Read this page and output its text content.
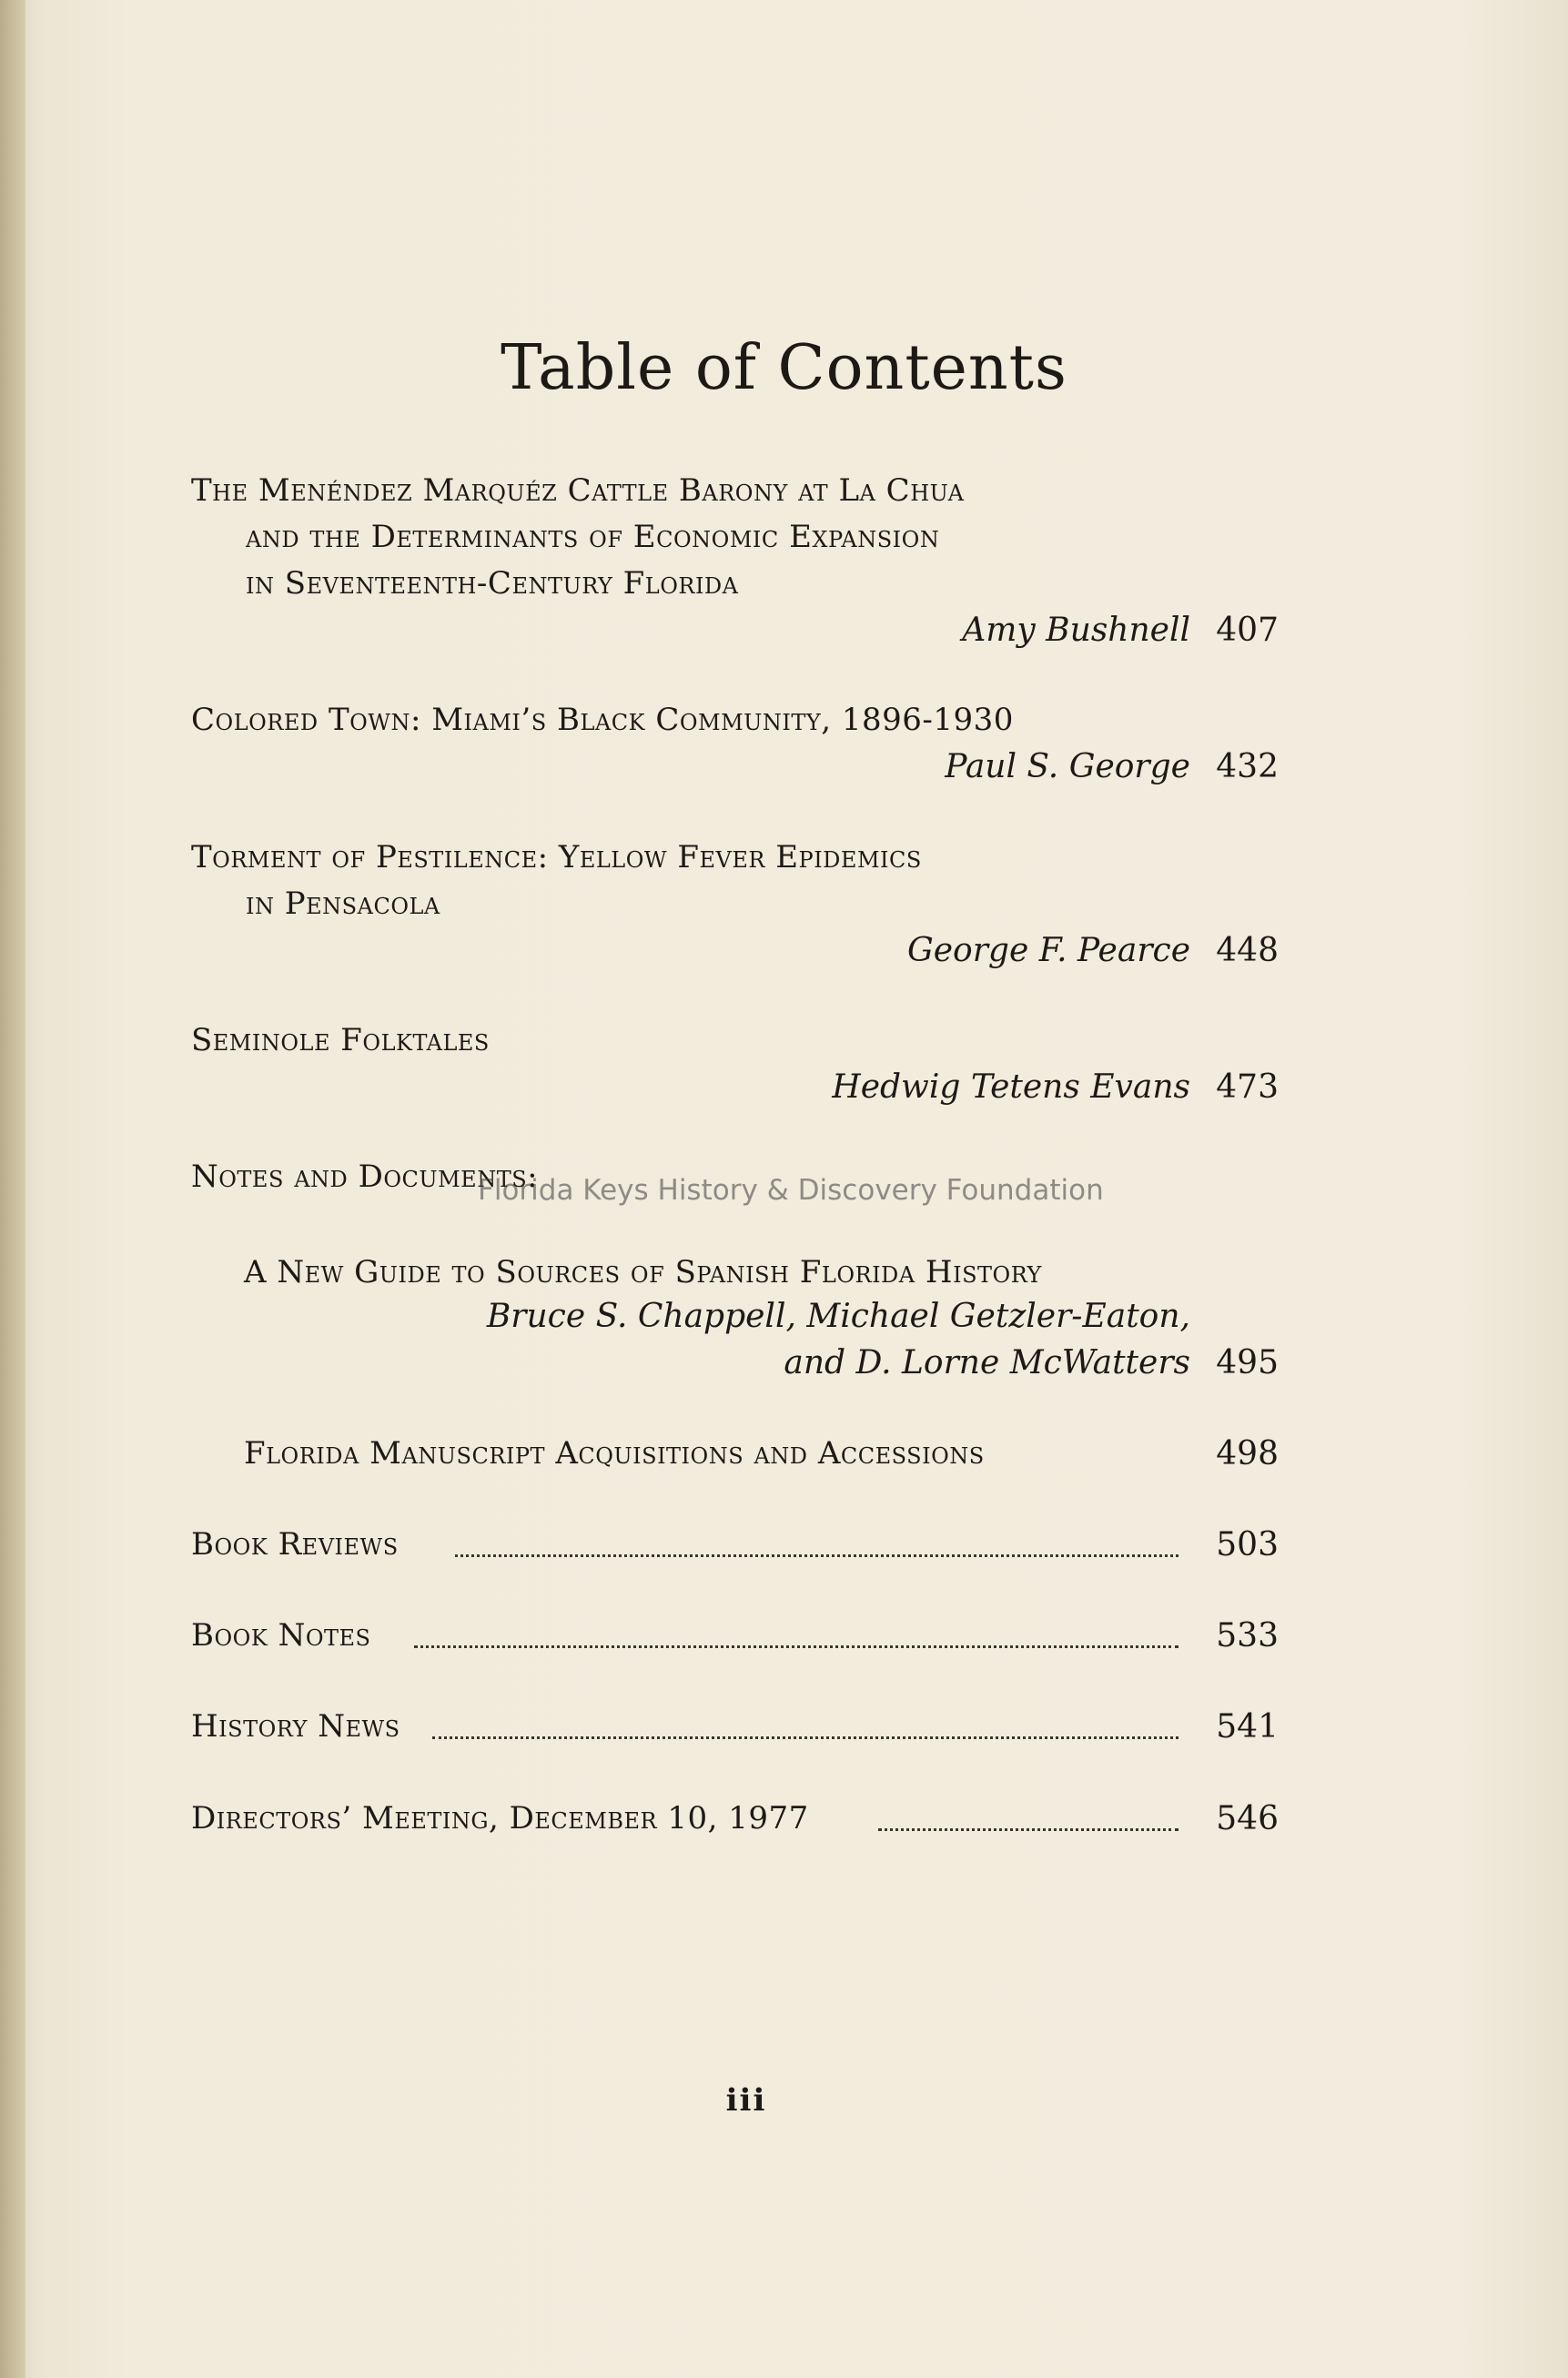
Table of Contents
The Menéndez Marquéz Cattle Barony at La Chua
and the Determinants of Economic Expansion
in Seventeenth-Century Florida
Amy Bushnell 407
Colored Town: Miami’s Black Community, 1896-1930
Paul S. George 432
Torment of Pestilence: Yellow Fever Epidemics
in Pensacola
George F. Pearce 448
Seminole Folktales
Hedwig Tetens Evans 473
Notes and Documents:
Florida Keys History & Discovery Foundation
A New Guide to Sources of Spanish Florida History
Bruce S. Chappell, Michael Getzler-Eaton,
and D. Lorne McWatters 495
Florida Manuscript Acquisitions and Accessions	498
Book Reviews	503
Book Notes	533
History News	541
Directors’ Meeting, December 10, 1977	546
iii
